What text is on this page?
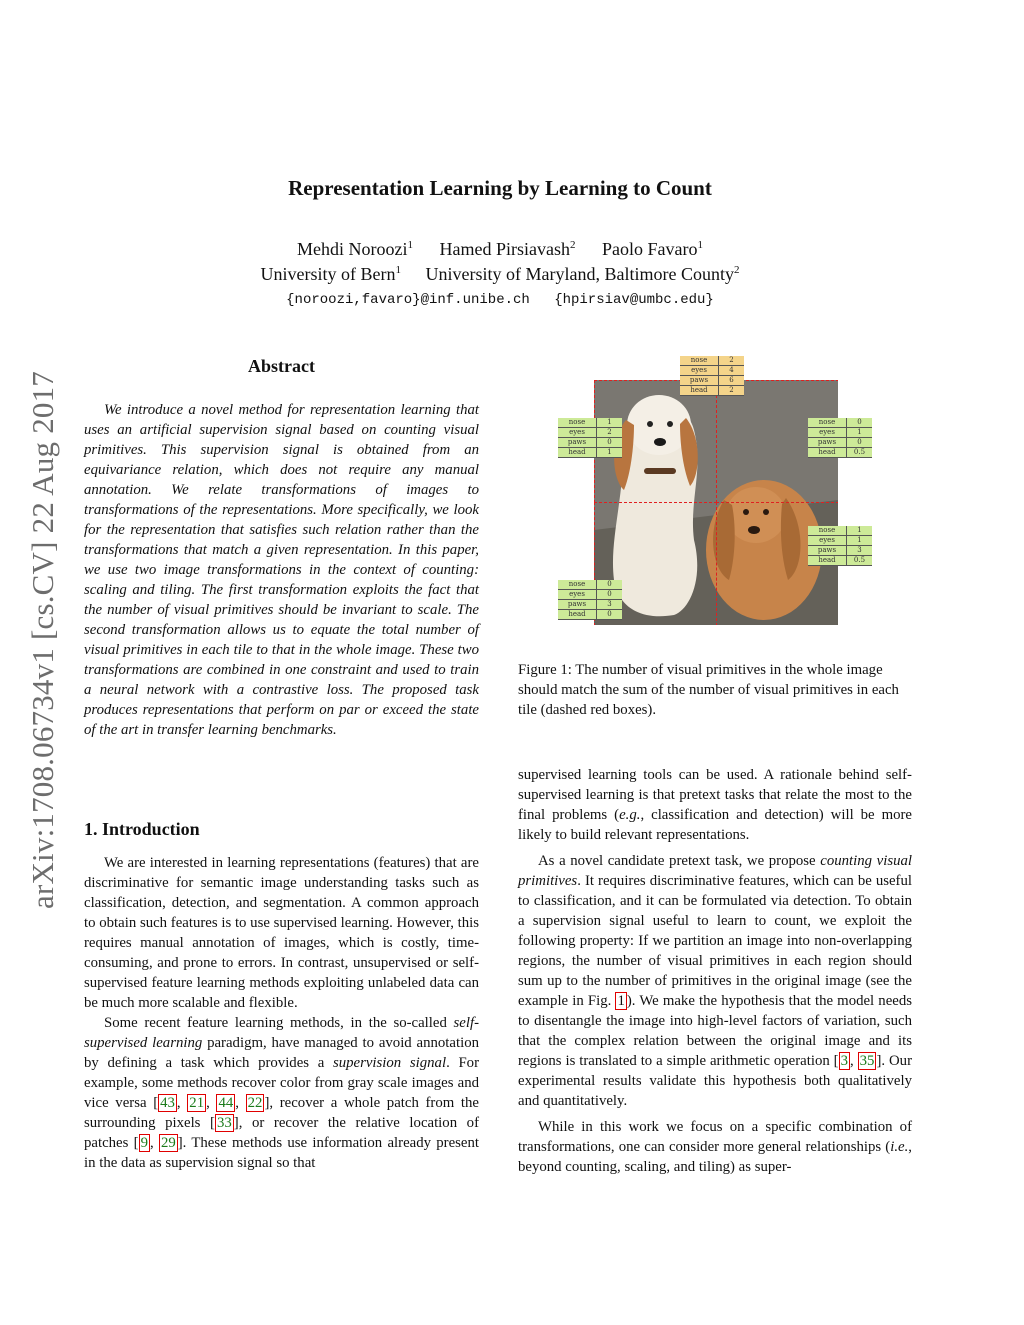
arXiv:1708.06734v1 [cs.CV] 22 Aug 2017
Representation Learning by Learning to Count
Mehdi Noroozi$^1$ Hamed Pirsiavash$^2$ Paolo Favaro$^1$
University of Bern$^1$ University of Maryland, Baltimore County$^2$
{noroozi,favaro}@inf.unibe.ch {hpirsiav@umbc.edu}
Abstract

We introduce a novel method for representation learning that uses an artificial supervision signal based on counting visual primitives. This supervision signal is obtained from an equivariance relation, which does not require any manual annotation. We relate transformations of images to transformations of the representations. More specifically, we look for the representation that satisfies such relation rather than the transformations that match a given representation. In this paper, we use two image transformations in the context of counting: scaling and tiling. The first transformation exploits the fact that the number of visual primitives should be invariant to scale. The second transformation allows us to equate the total number of visual primitives in each tile to that in the whole image. These two transformations are combined in one constraint and used to train a neural network with a contrastive loss. The proposed task produces representations that perform on par or exceed the state of the art in transfer learning benchmarks.

nose	2
eyes	4
paws	6
head	2
nose	1
eyes	2
paws	0
head	1
nose	0
eyes	1
paws	0
head	0.5
nose	1
eyes	1
paws	3
head	0.5
nose	0
eyes	0
paws	3
head	0
Figure 1: The number of visual primitives in the whole image should match the sum of the number of visual primitives in each tile (dashed red boxes).
1. Introduction

We are interested in learning representations (features) that are discriminative for semantic image understanding tasks such as classification, detection, and segmentation. A common approach to obtain such features is to use supervised learning. However, this requires manual annotation of images, which is costly, time-consuming, and prone to errors. In contrast, unsupervised or self-supervised feature learning methods exploiting unlabeled data can be much more scalable and flexible.

Some recent feature learning methods, in the so-called self-supervised learning paradigm, have managed to avoid annotation by defining a task which provides a supervision signal. For example, some methods recover color from gray scale images and vice versa [ 43 , 21 , 44 , 22 ], recover a whole patch from the surrounding pixels [ 33 ], or recover the relative location of patches [ 9 , 29 ]. These methods use information already present in the data as supervision signal so that

supervised learning tools can be used. A rationale behind self-supervised learning is that pretext tasks that relate the most to the final problems (e.g., classification and detection) will be more likely to build relevant representations.

As a novel candidate pretext task, we propose counting visual primitives. It requires discriminative features, which can be useful to classification, and it can be formulated via detection. To obtain a supervision signal useful to learn to count, we exploit the following property: If we partition an image into non-overlapping regions, the number of visual primitives in each region should sum up to the number of primitives in the original image (see the example in Fig. 1 ). We make the hypothesis that the model needs to disentangle the image into high-level factors of variation, such that the complex relation between the original image and its regions is translated to a simple arithmetic operation [ 3 , 35 ]. Our experimental results validate this hypothesis both qualitatively and quantitatively.

While in this work we focus on a specific combination of transformations, one can consider more general relationships (i.e., beyond counting, scaling, and tiling) as super-
